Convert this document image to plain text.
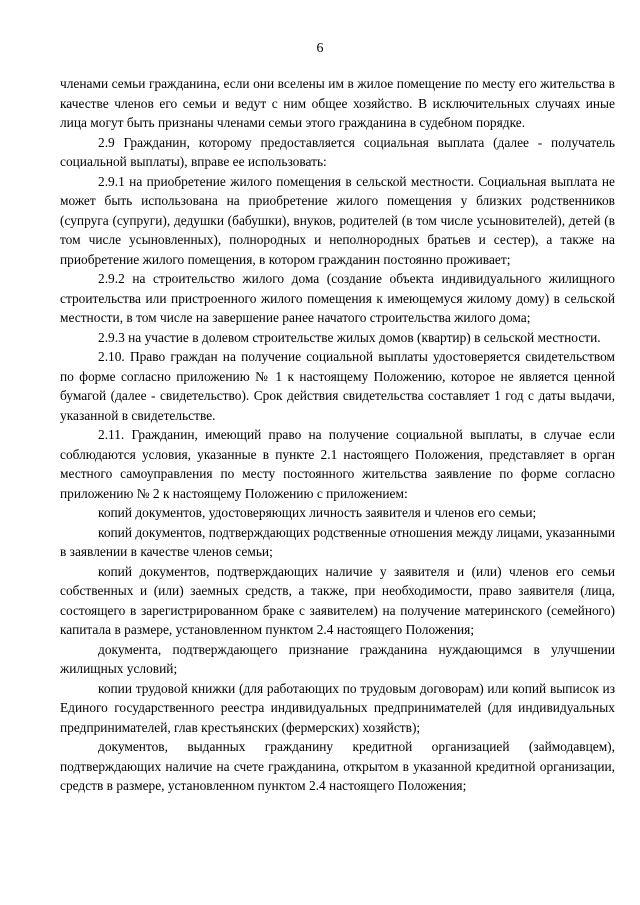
6

членами семьи гражданина, если они вселены им в жилое помещение по месту его жительства в качестве членов его семьи и ведут с ним общее хозяйство. В исключительных случаях иные лица могут быть признаны членами семьи этого гражданина в судебном порядке.

2.9 Гражданин, которому предоставляется социальная выплата (далее - получатель социальной выплаты), вправе ее использовать:

2.9.1 на приобретение жилого помещения в сельской местности. Социальная выплата не может быть использована на приобретение жилого помещения у близких родственников (супруга (супруги), дедушки (бабушки), внуков, родителей (в том числе усыновителей), детей (в том числе усыновленных), полнородных и неполнородных братьев и сестер), а также на приобретение жилого помещения, в котором гражданин постоянно проживает;

2.9.2 на строительство жилого дома (создание объекта индивидуального жилищного строительства или пристроенного жилого помещения к имеющемуся жилому дому) в сельской местности, в том числе на завершение ранее начатого строительства жилого дома;

2.9.3 на участие в долевом строительстве жилых домов (квартир) в сельской местности.

2.10. Право граждан на получение социальной выплаты удостоверяется свидетельством по форме согласно приложению № 1 к настоящему Положению, которое не является ценной бумагой (далее - свидетельство). Срок действия свидетельства составляет 1 год с даты выдачи, указанной в свидетельстве.

2.11. Гражданин, имеющий право на получение социальной выплаты, в случае если соблюдаются условия, указанные в пункте 2.1 настоящего Положения, представляет в орган местного самоуправления по месту постоянного жительства заявление по форме согласно приложению № 2 к настоящему Положению с приложением:

копий документов, удостоверяющих личность заявителя и членов его семьи;

копий документов, подтверждающих родственные отношения между лицами, указанными в заявлении в качестве членов семьи;

копий документов, подтверждающих наличие у заявителя и (или) членов его семьи собственных и (или) заемных средств, а также, при необходимости, право заявителя (лица, состоящего в зарегистрированном браке с заявителем) на получение материнского (семейного) капитала в размере, установленном пунктом 2.4 настоящего Положения;

документа, подтверждающего признание гражданина нуждающимся в улучшении жилищных условий;

копии трудовой книжки (для работающих по трудовым договорам) или копий выписок из Единого государственного реестра индивидуальных предпринимателей (для индивидуальных предпринимателей, глав крестьянских (фермерских) хозяйств);

документов, выданных гражданину кредитной организацией (займодавцем), подтверждающих наличие на счете гражданина, открытом в указанной кредитной организации, средств в размере, установленном пунктом 2.4 настоящего Положения;
